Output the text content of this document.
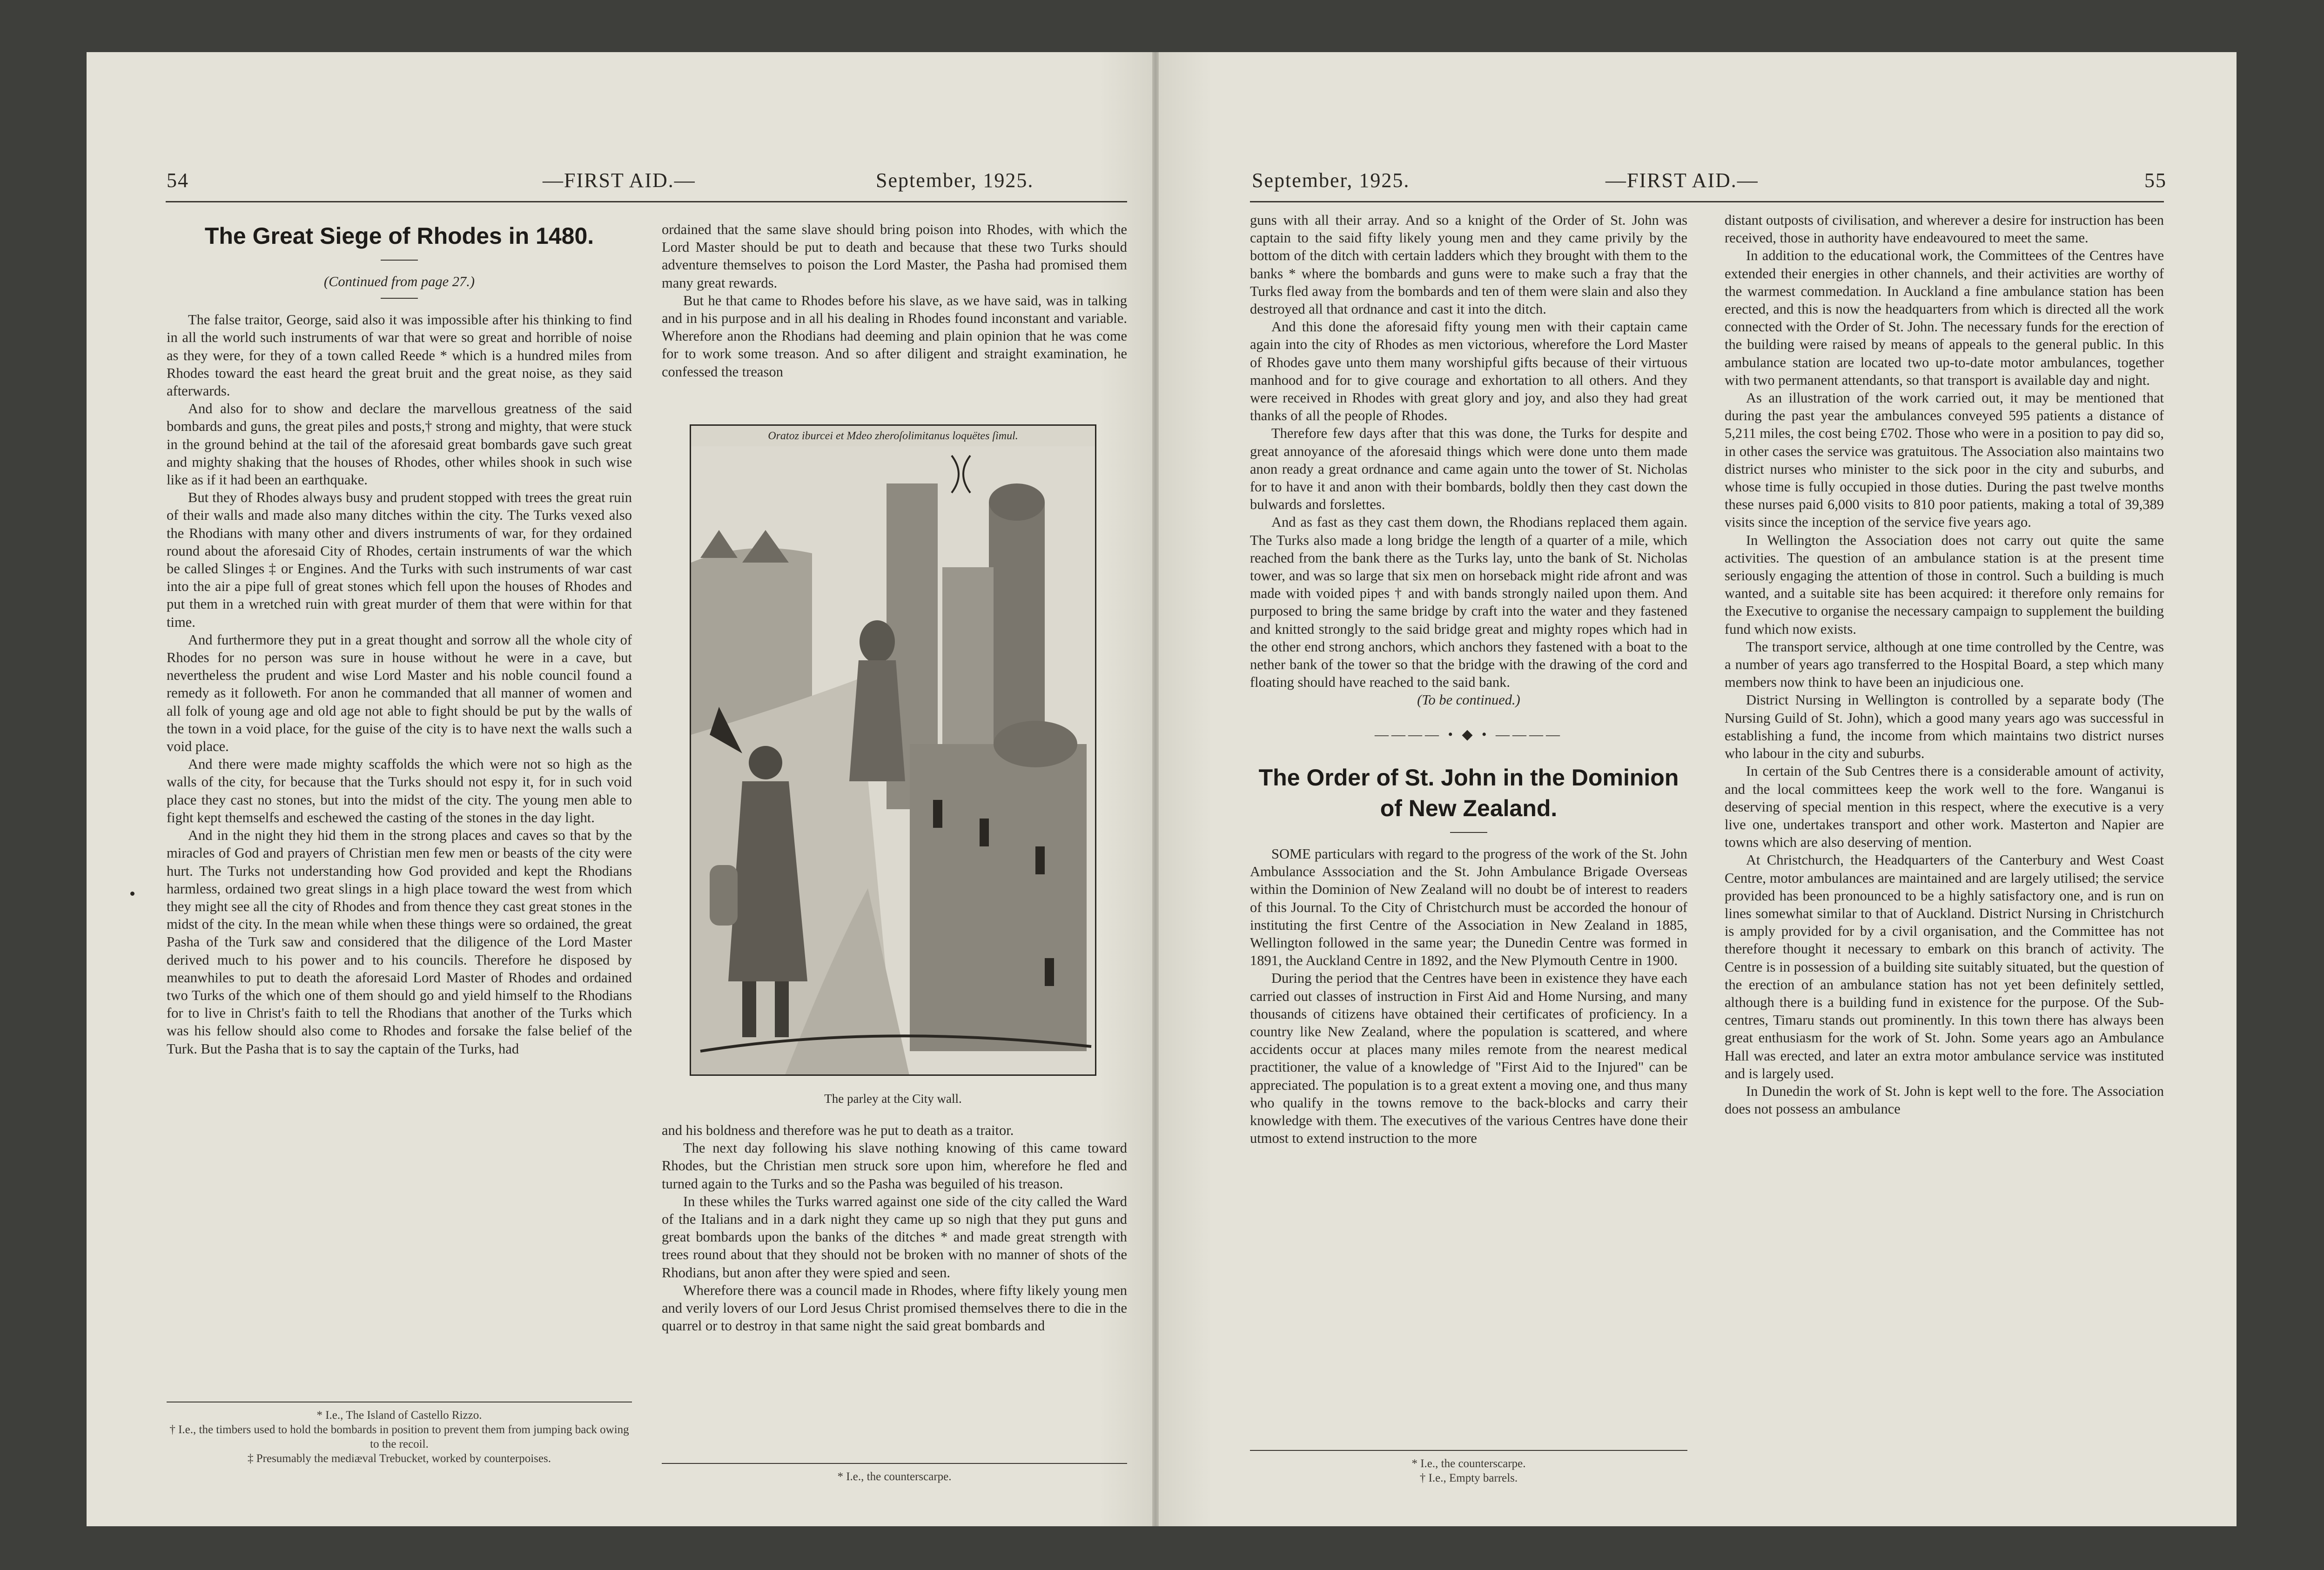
54	—FIRST AID.—	September, 1925.
The Great Siege of Rhodes in 1480.

(Continued from page 27.)

The false traitor, George, said also it was impossible after his thinking to find in all the world such instruments of war that were so great and horrible of noise as they were, for they of a town called Reede * which is a hundred miles from Rhodes toward the east heard the great bruit and the great noise, as they said afterwards.

And also for to show and declare the marvellous greatness of the said bombards and guns, the great piles and posts,† strong and mighty, that were stuck in the ground behind at the tail of the aforesaid great bombards gave such great and mighty shaking that the houses of Rhodes, other whiles shook in such wise like as if it had been an earthquake.

But they of Rhodes always busy and prudent stopped with trees the great ruin of their walls and made also many ditches within the city. The Turks vexed also the Rhodians with many other and divers instruments of war, for they ordained round about the aforesaid City of Rhodes, certain instruments of war the which be called Slinges ‡ or Engines. And the Turks with such instruments of war cast into the air a pipe full of great stones which fell upon the houses of Rhodes and put them in a wretched ruin with great murder of them that were within for that time.

And furthermore they put in a great thought and sorrow all the whole city of Rhodes for no person was sure in house without he were in a cave, but nevertheless the prudent and wise Lord Master and his noble council found a remedy as it followeth. For anon he commanded that all manner of women and all folk of young age and old age not able to fight should be put by the walls of the town in a void place, for the guise of the city is to have next the walls such a void place.

And there were made mighty scaffolds the which were not so high as the walls of the city, for because that the Turks should not espy it, for in such void place they cast no stones, but into the midst of the city. The young men able to fight kept themselfs and eschewed the casting of the stones in the day light.

And in the night they hid them in the strong places and caves so that by the miracles of God and prayers of Christian men few men or beasts of the city were hurt. The Turks not understanding how God provided and kept the Rhodians harmless, ordained two great slings in a high place toward the west from which they might see all the city of Rhodes and from thence they cast great stones in the midst of the city. In the mean while when these things were so ordained, the great Pasha of the Turk saw and considered that the diligence of the Lord Master derived much to his power and to his councils. Therefore he disposed by meanwhiles to put to death the aforesaid Lord Master of Rhodes and ordained two Turks of the which one of them should go and yield himself to the Rhodians for to live in Christ's faith to tell the Rhodians that another of the Turks which was his fellow should also come to Rhodes and forsake the false belief of the Turk. But the Pasha that is to say the captain of the Turks, had

* I.e., The Island of Castello Rizzo.

† I.e., the timbers used to hold the bombards in position to prevent them from jumping back owing to the recoil.

‡ Presumably the mediæval Trebucket, worked by counterpoises.

ordained that the same slave should bring poison into Rhodes, with which the Lord Master should be put to death and because that these two Turks should adventure themselves to poison the Lord Master, the Pasha had promised them many great rewards.

But he that came to Rhodes before his slave, as we have said, was in talking and in his purpose and in all his dealing in Rhodes found inconstant and variable. Wherefore anon the Rhodians had deeming and plain opinion that he was come for to work some treason. And so after diligent and straight examination, he confessed the treason

Oratoz iburcei et Mdeo zheroſolimitanus loquëtes ſimul.
The parley at the City wall.

and his boldness and therefore was he put to death as a traitor.

The next day following his slave nothing knowing of this came toward Rhodes, but the Christian men struck sore upon him, wherefore he fled and turned again to the Turks and so the Pasha was beguiled of his treason.

In these whiles the Turks warred against one side of the city called the Ward of the Italians and in a dark night they came up so nigh that they put guns and great bombards upon the banks of the ditches * and made great strength with trees round about that they should not be broken with no manner of shots of the Rhodians, but anon after they were spied and seen.

Wherefore there was a council made in Rhodes, where fifty likely young men and verily lovers of our Lord Jesus Christ promised themselves there to die in the quarrel or to destroy in that same night the said great bombards and

* I.e., the counterscarpe.

September, 1925.	—FIRST AID.—	55

guns with all their array. And so a knight of the Order of St. John was captain to the said fifty likely young men and they came privily by the bottom of the ditch with certain ladders which they brought with them to the banks * where the bombards and guns were to make such a fray that the Turks fled away from the bombards and ten of them were slain and also they destroyed all that ordnance and cast it into the ditch.

And this done the aforesaid fifty young men with their captain came again into the city of Rhodes as men victorious, wherefore the Lord Master of Rhodes gave unto them many worshipful gifts because of their virtuous manhood and for to give courage and exhortation to all others. And they were received in Rhodes with great glory and joy, and also they had great thanks of all the people of Rhodes.

Therefore few days after that this was done, the Turks for despite and great annoyance of the aforesaid things which were done unto them made anon ready a great ordnance and came again unto the tower of St. Nicholas for to have it and anon with their bombards, boldly then they cast down the bulwards and forslettes.

And as fast as they cast them down, the Rhodians replaced them again. The Turks also made a long bridge the length of a quarter of a mile, which reached from the bank there as the Turks lay, unto the bank of St. Nicholas tower, and was so large that six men on horseback might ride afront and was made with voided pipes † and with bands strongly nailed upon them. And purposed to bring the same bridge by craft into the water and they fastened and knitted strongly to the said bridge great and mighty ropes which had in the other end strong anchors, which anchors they fastened with a boat to the nether bank of the tower so that the bridge with the drawing of the cord and floating should have reached to the said bank.

(To be continued.)

———— • ◆ • ————
The Order of St. John in the Dominion of New Zealand.

SOME particulars with regard to the progress of the work of the St. John Ambulance Asssociation and the St. John Ambulance Brigade Overseas within the Dominion of New Zealand will no doubt be of interest to readers of this Journal. To the City of Christchurch must be accorded the honour of instituting the first Centre of the Association in New Zealand in 1885, Wellington followed in the same year; the Dunedin Centre was formed in 1891, the Auckland Centre in 1892, and the New Plymouth Centre in 1900.

During the period that the Centres have been in existence they have each carried out classes of instruction in First Aid and Home Nursing, and many thousands of citizens have obtained their certificates of proficiency. In a country like New Zealand, where the population is scattered, and where accidents occur at places many miles remote from the nearest medical practitioner, the value of a knowledge of "First Aid to the Injured" can be appreciated. The population is to a great extent a moving one, and thus many who qualify in the towns remove to the back-blocks and carry their knowledge with them. The executives of the various Centres have done their utmost to extend instruction to the more

* I.e., the counterscarpe.

† I.e., Empty barrels.

distant outposts of civilisation, and wherever a desire for instruction has been received, those in authority have endeavoured to meet the same.

In addition to the educational work, the Committees of the Centres have extended their energies in other channels, and their activities are worthy of the warmest commedation. In Auckland a fine ambulance station has been erected, and this is now the headquarters from which is directed all the work connected with the Order of St. John. The necessary funds for the erection of the building were raised by means of appeals to the general public. In this ambulance station are located two up-to-date motor ambulances, together with two permanent attendants, so that transport is available day and night.

As an illustration of the work carried out, it may be mentioned that during the past year the ambulances conveyed 595 patients a distance of 5,211 miles, the cost being £702. Those who were in a position to pay did so, in other cases the service was gratuitous. The Association also maintains two district nurses who minister to the sick poor in the city and suburbs, and whose time is fully occupied in those duties. During the past twelve months these nurses paid 6,000 visits to 810 poor patients, making a total of 39,389 visits since the inception of the service five years ago.

In Wellington the Association does not carry out quite the same activities. The question of an ambulance station is at the present time seriously engaging the attention of those in control. Such a building is much wanted, and a suitable site has been acquired: it therefore only remains for the Executive to organise the necessary campaign to supplement the building fund which now exists.

The transport service, although at one time controlled by the Centre, was a number of years ago transferred to the Hospital Board, a step which many members now think to have been an injudicious one.

District Nursing in Wellington is controlled by a separate body (The Nursing Guild of St. John), which a good many years ago was successful in establishing a fund, the income from which maintains two district nurses who labour in the city and suburbs.

In certain of the Sub Centres there is a considerable amount of activity, and the local committees keep the work well to the fore. Wanganui is deserving of special mention in this respect, where the executive is a very live one, undertakes transport and other work. Masterton and Napier are towns which are also deserving of mention.

At Christchurch, the Headquarters of the Canterbury and West Coast Centre, motor ambulances are maintained and are largely utilised; the service provided has been pronounced to be a highly satisfactory one, and is run on lines somewhat similar to that of Auckland. District Nursing in Christchurch is amply provided for by a civil organisation, and the Committee has not therefore thought it necessary to embark on this branch of activity. The Centre is in possession of a building site suitably situated, but the question of the erection of an ambulance station has not yet been definitely settled, although there is a building fund in existence for the purpose. Of the Sub-centres, Timaru stands out prominently. In this town there has always been great enthusiasm for the work of St. John. Some years ago an Ambulance Hall was erected, and later an extra motor ambulance service was instituted and is largely used.

In Dunedin the work of St. John is kept well to the fore. The Association does not possess an ambulance
